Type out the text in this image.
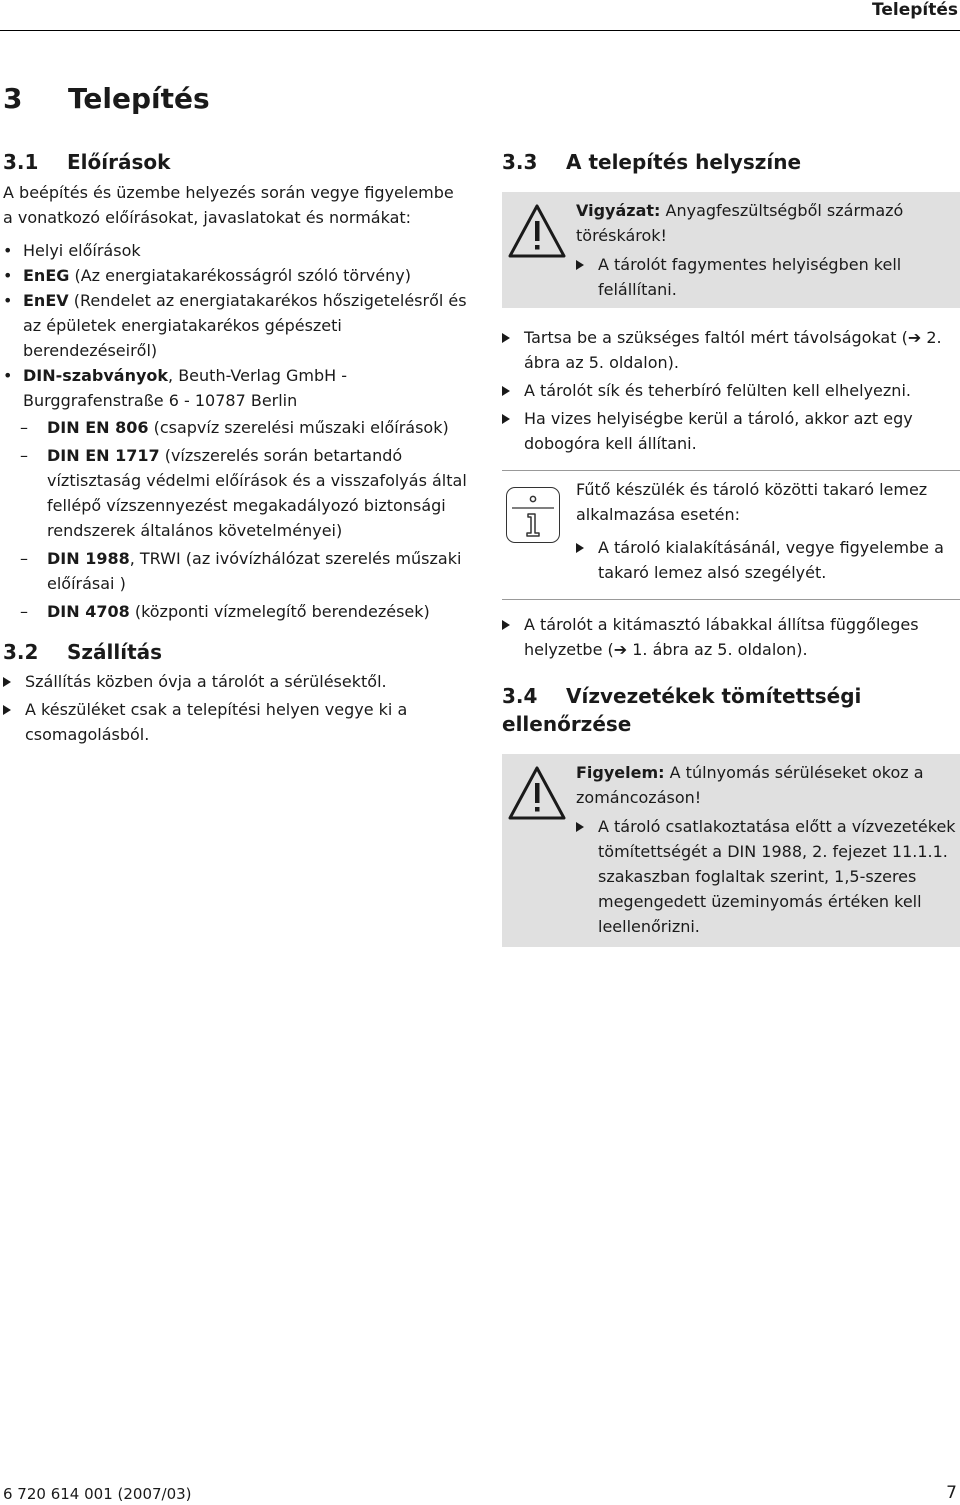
Telepítés
3 Telepítés
3.1 Előírások

A beépítés és üzembe helyezés során vegye figyelembe a vonatkozó előírásokat, javaslatokat és normákat:

• Helyi előírások
• EnEG (Az energiatakarékosságról szóló törvény)
• EnEV (Rendelet az energiatakarékos hőszigetelésről és az épületek energiatakarékos gépészeti berendezéseiről)
• DIN-szabványok, Beuth-Verlag GmbH - Burggrafenstraße 6 - 10787 Berlin
– DIN EN 806 (csapvíz szerelési műszaki előírások)
– DIN EN 1717 (vízszerelés során betartandó víztisztaság védelmi előírások és a visszafolyás által fellépő vízszennyezést megakadályozó biztonsági rendszerek általános követelményei)
– DIN 1988, TRWI (az ivóvízhálózat szerelés műszaki előírásai )
– DIN 4708 (központi vízmelegítő berendezések)
3.2 Szállítás
Szállítás közben óvja a tárolót a sérülésektől.
A készüléket csak a telepítési helyen vegye ki a csomagolásból.
3.3 A telepítés helyszíne

Vigyázat: Anyagfeszültségből származó töréskárok!

A tárolót fagymentes helyiségben kell felállítani.
Tartsa be a szükséges faltól mért távolságokat (➔ 2. ábra az 5. oldalon).
A tárolót sík és teherbíró felülten kell elhelyezni.
Ha vizes helyiségbe kerül a tároló, akkor azt egy dobogóra kell állítani.

Fűtő készülék és tároló közötti takaró lemez alkalmazása esetén:

A tároló kialakításánál, vegye figyelembe a takaró lemez alsó szegélyét.
A tárolót a kitámasztó lábakkal állítsa függőleges helyzetbe (➔ 1. ábra az 5. oldalon).
3.4 Vízvezetékek tömítettségi ellenőrzése

Figyelem: A túlnyomás sérüléseket okoz a zománcozáson!

A tároló csatlakoztatása előtt a vízvezetékek tömítettségét a DIN 1988, 2. fejezet 11.1.1. szakaszban foglaltak szerint, 1,5-szeres megengedett üzeminyomás értéken kell leellenőrizni.
6 720 614 001 (2007/03)	7
